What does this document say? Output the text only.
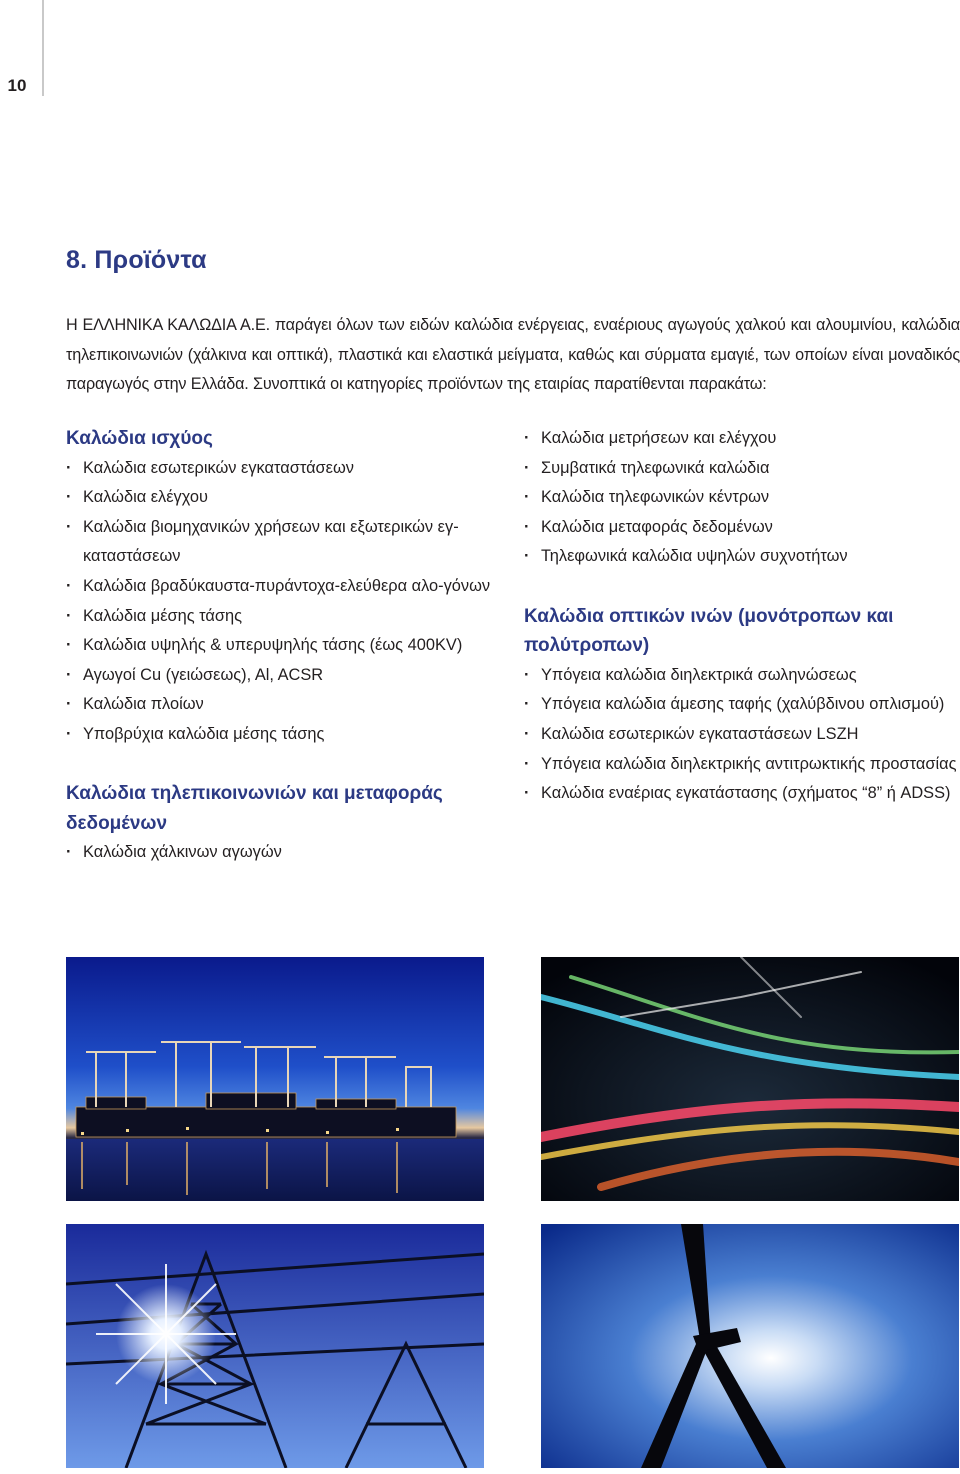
10
8. Προϊόντα

Η ΕΛΛΗΝΙΚΑ ΚΑΛΩΔΙΑ Α.Ε. παράγει όλων των ειδών καλώδια ενέργειας, εναέριους αγωγούς χαλκού και αλουμινίου, καλώδια τηλεπικοινωνιών (χάλκινα και οπτικά), πλαστικά και ελαστικά μείγματα, καθώς και σύρματα εμαγιέ, των οποίων είναι μοναδικός παραγωγός στην Ελλάδα. Συνοπτικά οι κατηγορίες προϊόντων της εταιρίας παρατίθενται παρακάτω:

Καλώδια ισχύος
· Καλώδια εσωτερικών εγκαταστάσεων
· Καλώδια ελέγχου
· Καλώδια βιομηχανικών χρήσεων και εξωτερικών εγ-καταστάσεων
· Καλώδια βραδύκαυστα-πυράντοχα-ελεύθερα αλο-γόνων
· Καλώδια μέσης τάσης
· Καλώδια υψηλής & υπερυψηλής τάσης (έως 400KV)
· Αγωγοί Cu (γειώσεως), Al, ACSR
· Καλώδια πλοίων
· Υποβρύχια καλώδια μέσης τάσης
Καλώδια τηλεπικοινωνιών και μεταφοράς δεδομένων
· Καλώδια χάλκινων αγωγών
· Καλώδια μετρήσεων και ελέγχου
· Συμβατικά τηλεφωνικά καλώδια
· Καλώδια τηλεφωνικών κέντρων
· Καλώδια μεταφοράς δεδομένων
· Τηλεφωνικά καλώδια υψηλών συχνοτήτων
Καλώδια οπτικών ινών (μονότροπων και πολύτροπων)
· Υπόγεια καλώδια διηλεκτρικά σωληνώσεως
· Υπόγεια καλώδια άμεσης ταφής (χαλύβδινου οπλισμού)
· Καλώδια εσωτερικών εγκαταστάσεων LSZH
· Υπόγεια καλώδια διηλεκτρικής αντιτρωκτικής προστασίας
· Καλώδια εναέριας εγκατάστασης (σχήματος “8” ή ADSS)
